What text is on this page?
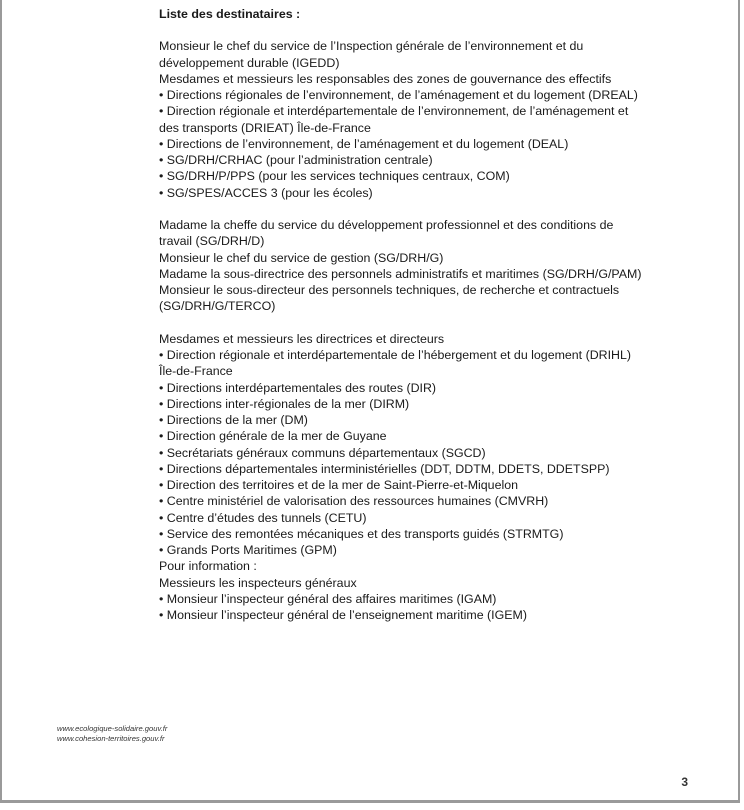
Liste des destinataires :
Monsieur le chef du service de l’Inspection générale de l’environnement et du
développement durable (IGEDD)
Mesdames et messieurs les responsables des zones de gouvernance des effectifs
• Directions régionales de l’environnement, de l’aménagement et du logement (DREAL)
• Direction régionale et interdépartementale de l’environnement, de l’aménagement et
des transports (DRIEAT) Île-de-France
• Directions de l’environnement, de l’aménagement et du logement (DEAL)
• SG/DRH/CRHAC (pour l’administration centrale)
• SG/DRH/P/PPS (pour les services techniques centraux, COM)
• SG/SPES/ACCES 3 (pour les écoles)
Madame la cheffe du service du développement professionnel et des conditions de
travail (SG/DRH/D)
Monsieur le chef du service de gestion (SG/DRH/G)
Madame la sous-directrice des personnels administratifs et maritimes (SG/DRH/G/PAM)
Monsieur le sous-directeur des personnels techniques, de recherche et contractuels
(SG/DRH/G/TERCO)
Mesdames et messieurs les directrices et directeurs
• Direction régionale et interdépartementale de l’hébergement et du logement (DRIHL)
Île-de-France
• Directions interdépartementales des routes (DIR)
• Directions inter-régionales de la mer (DIRM)
• Directions de la mer (DM)
• Direction générale de la mer de Guyane
• Secrétariats généraux communs départementaux (SGCD)
• Directions départementales interministérielles (DDT, DDTM, DDETS, DDETSPP)
• Direction des territoires et de la mer de Saint-Pierre-et-Miquelon
• Centre ministériel de valorisation des ressources humaines (CMVRH)
• Centre d’études des tunnels (CETU)
• Service des remontées mécaniques et des transports guidés (STRMTG)
• Grands Ports Maritimes (GPM)
Pour information :
Messieurs les inspecteurs généraux
• Monsieur l’inspecteur général des affaires maritimes (IGAM)
• Monsieur l’inspecteur général de l’enseignement maritime (IGEM)
www.ecologique-solidaire.gouv.fr
www.cohesion-territoires.gouv.fr
3
